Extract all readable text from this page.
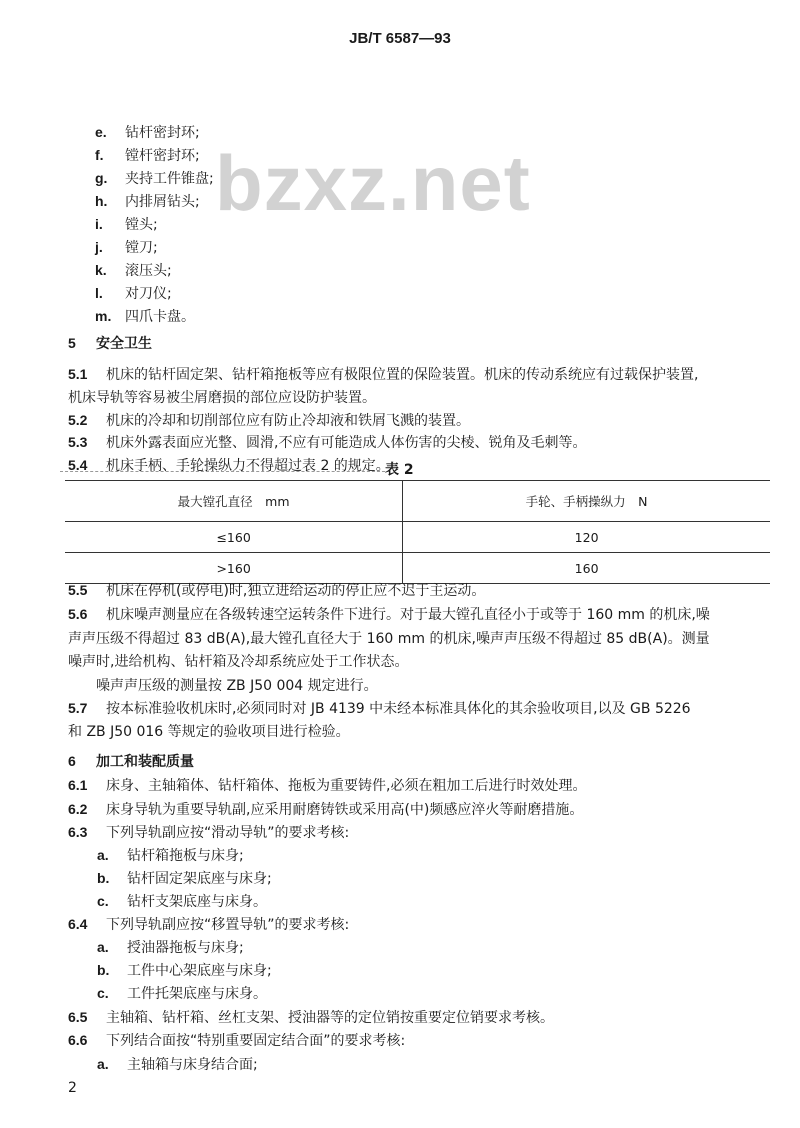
JB/T 6587—93
bzxz.net
e. 钻杆密封环;
f. 镗杆密封环;
g. 夹持工件锥盘;
h. 内排屑钻头;
i. 镗头;
j. 镗刀;
k. 滚压头;
l. 对刀仪;
m. 四爪卡盘。
5 安全卫生
5.1 机床的钻杆固定架、钻杆箱拖板等应有极限位置的保险装置。机床的传动系统应有过载保护装置,
机床导轨等容易被尘屑磨损的部位应设防护装置。
5.2 机床的冷却和切削部位应有防止冷却液和铁屑飞溅的装置。
5.3 机床外露表面应光整、圆滑,不应有可能造成人体伤害的尖棱、锐角及毛刺等。
5.4 机床手柄、手轮操纵力不得超过表 2 的规定。
表 2
最大镗孔直径　mm	手轮、手柄操纵力　N
≤160	120
>160	160
5.5 机床在停机(或停电)时,独立进给运动的停止应不迟于主运动。
5.6 机床噪声测量应在各级转速空运转条件下进行。对于最大镗孔直径小于或等于 160 mm 的机床,噪
声声压级不得超过 83 dB(A),最大镗孔直径大于 160 mm 的机床,噪声声压级不得超过 85 dB(A)。测量
噪声时,进给机构、钻杆箱及冷却系统应处于工作状态。
噪声声压级的测量按 ZB J50 004 规定进行。
5.7 按本标准验收机床时,必须同时对 JB 4139 中未经本标准具体化的其余验收项目,以及 GB 5226
和 ZB J50 016 等规定的验收项目进行检验。
6 加工和装配质量
6.1 床身、主轴箱体、钻杆箱体、拖板为重要铸件,必须在粗加工后进行时效处理。
6.2 床身导轨为重要导轨副,应采用耐磨铸铁或采用高(中)频感应淬火等耐磨措施。
6.3 下列导轨副应按“滑动导轨”的要求考核:
a. 钻杆箱拖板与床身;
b. 钻杆固定架底座与床身;
c. 钻杆支架底座与床身。
6.4 下列导轨副应按“移置导轨”的要求考核:
a. 授油器拖板与床身;
b. 工件中心架底座与床身;
c. 工件托架底座与床身。
6.5 主轴箱、钻杆箱、丝杠支架、授油器等的定位销按重要定位销要求考核。
6.6 下列结合面按“特别重要固定结合面”的要求考核:
a. 主轴箱与床身结合面;
2
